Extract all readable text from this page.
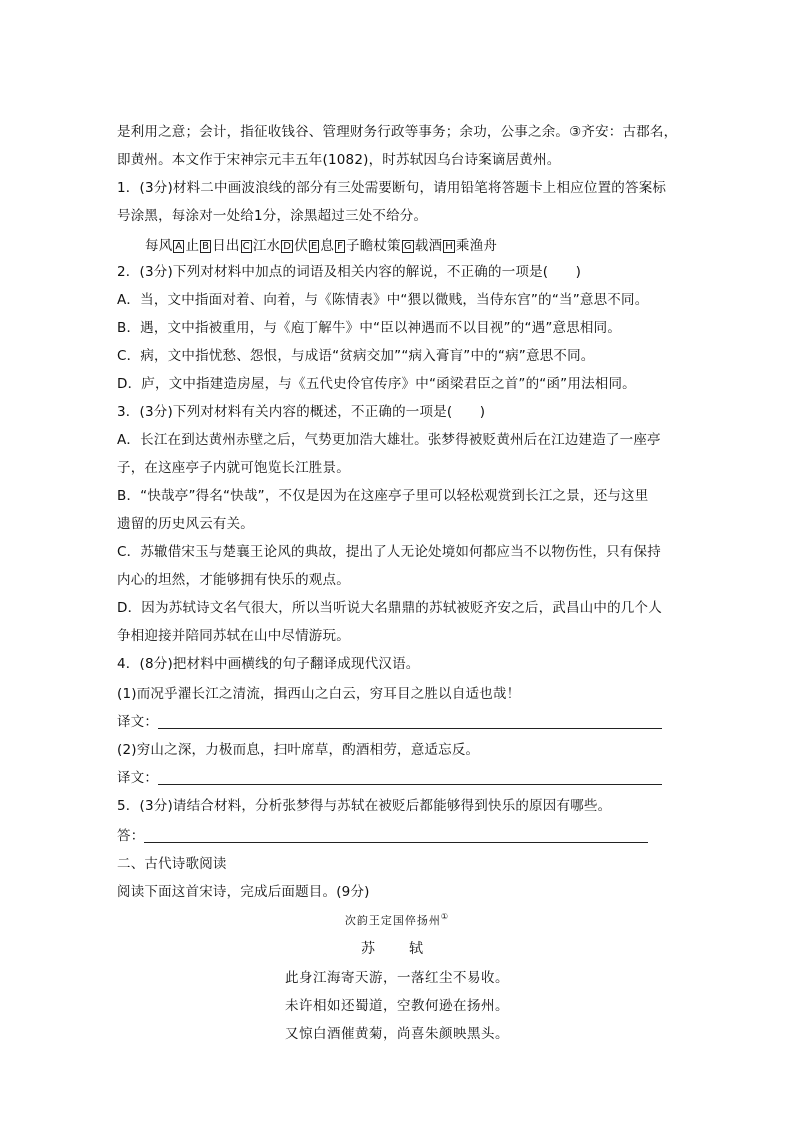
是利用之意；会计，指征收钱谷、管理财务行政等事务；余功，公事之余。③齐安：古郡名，
即黄州。本文作于宋神宗元丰五年(1082)，时苏轼因乌台诗案谪居黄州。
1．(3分)材料二中画波浪线的部分有三处需要断句，请用铅笔将答题卡上相应位置的答案标
号涂黑，每涂对一处给1分，涂黑超过三处不给分。
每风 A 止 B 日出 C 江水 D 伏 E 息 F 子瞻杖策 G 载酒 H 乘渔舟
2．(3分)下列对材料中加点的词语及相关内容的解说，不正确的一项是(　　)
A．当，文中指面对着、向着，与《陈情表》中“猥以微贱，当侍东宫”的“当”意思不同。
B．遇，文中指被重用，与《庖丁解牛》中“臣以神遇而不以目视”的“遇”意思相同。
C．病，文中指忧愁、怨恨，与成语“贫病交加”“病入膏肓”中的“病”意思不同。
D．庐，文中指建造房屋，与《五代史伶官传序》中“函梁君臣之首”的“函”用法相同。
3．(3分)下列对材料有关内容的概述，不正确的一项是(　　)
A．长江在到达黄州赤壁之后，气势更加浩大雄壮。张梦得被贬黄州后在江边建造了一座亭
子，在这座亭子内就可饱览长江胜景。
B．“快哉亭”得名“快哉”，不仅是因为在这座亭子里可以轻松观赏到长江之景，还与这里
遗留的历史风云有关。
C．苏辙借宋玉与楚襄王论风的典故，提出了人无论处境如何都应当不以物伤性，只有保持
内心的坦然，才能够拥有快乐的观点。
D．因为苏轼诗文名气很大，所以当听说大名鼎鼎的苏轼被贬齐安之后，武昌山中的几个人
争相迎接并陪同苏轼在山中尽情游玩。
4．(8分)把材料中画横线的句子翻译成现代汉语。
(1)而况乎濯长江之清流，揖西山之白云，穷耳目之胜以自适也哉！
译文：
(2)穷山之深，力极而息，扫叶席草，酌酒相劳，意适忘反。
译文：
5．(3分)请结合材料，分析张梦得与苏轼在被贬后都能够得到快乐的原因有哪些。
答：
二、古代诗歌阅读
阅读下面这首宋诗，完成后面题目。(9分)
次韵王定国倅扬州①
苏　轼
此身江海寄天游，一落红尘不易收。
未许相如还蜀道，空教何逊在扬州。
又惊白酒催黄菊，尚喜朱颜映黑头。
